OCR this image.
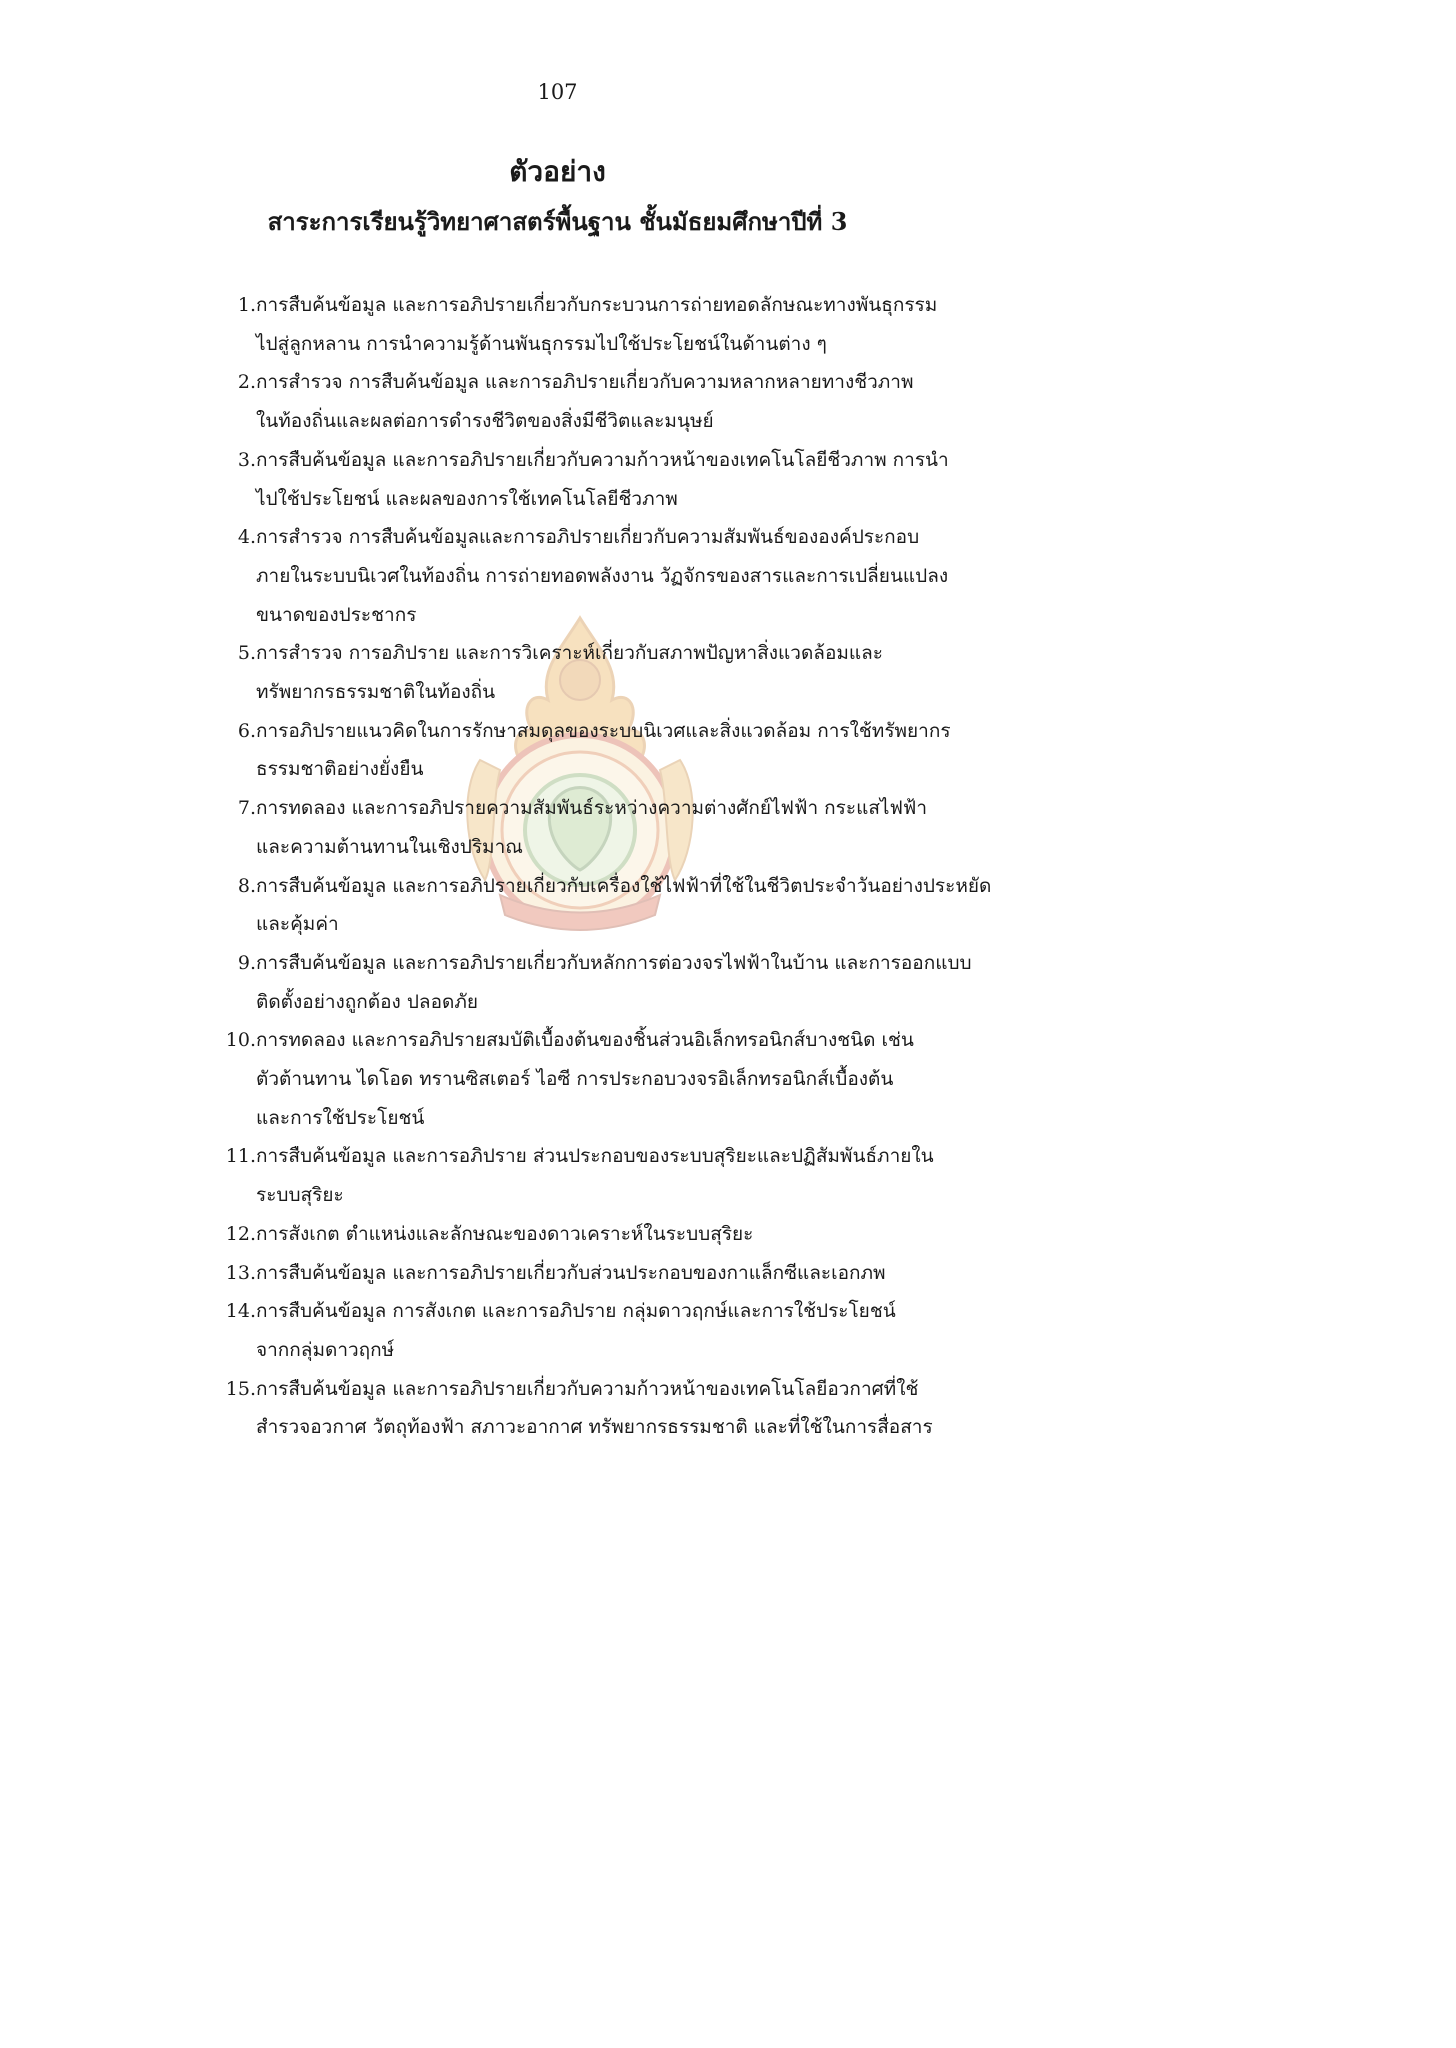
107
ตัวอย่าง
สาระการเรียนรู้วิทยาศาสตร์พื้นฐาน ชั้นมัธยมศึกษาปีที่ 3
1. การสืบค้นข้อมูล และการอภิปรายเกี่ยวกับกระบวนการถ่ายทอดลักษณะทางพันธุกรรม
ไปสู่ลูกหลาน การนำความรู้ด้านพันธุกรรมไปใช้ประโยชน์ในด้านต่าง ๆ
2. การสำรวจ การสืบค้นข้อมูล และการอภิปรายเกี่ยวกับความหลากหลายทางชีวภาพ
ในท้องถิ่นและผลต่อการดำรงชีวิตของสิ่งมีชีวิตและมนุษย์
3. การสืบค้นข้อมูล และการอภิปรายเกี่ยวกับความก้าวหน้าของเทคโนโลยีชีวภาพ การนำ
ไปใช้ประโยชน์ และผลของการใช้เทคโนโลยีชีวภาพ
4. การสำรวจ การสืบค้นข้อมูลและการอภิปรายเกี่ยวกับความสัมพันธ์ขององค์ประกอบ
ภายในระบบนิเวศในท้องถิ่น การถ่ายทอดพลังงาน วัฏจักรของสารและการเปลี่ยนแปลง
ขนาดของประชากร
5. การสำรวจ การอภิปราย และการวิเคราะห์เกี่ยวกับสภาพปัญหาสิ่งแวดล้อมและ
ทรัพยากรธรรมชาติในท้องถิ่น
6. การอภิปรายแนวคิดในการรักษาสมดุลของระบบนิเวศและสิ่งแวดล้อม การใช้ทรัพยากร
ธรรมชาติอย่างยั่งยืน
7. การทดลอง และการอภิปรายความสัมพันธ์ระหว่างความต่างศักย์ไฟฟ้า กระแสไฟฟ้า
และความต้านทานในเชิงปริมาณ
8. การสืบค้นข้อมูล และการอภิปรายเกี่ยวกับเครื่องใช้ไฟฟ้าที่ใช้ในชีวิตประจำวันอย่างประหยัด
และคุ้มค่า
9. การสืบค้นข้อมูล และการอภิปรายเกี่ยวกับหลักการต่อวงจรไฟฟ้าในบ้าน และการออกแบบ
ติดตั้งอย่างถูกต้อง ปลอดภัย
10. การทดลอง และการอภิปรายสมบัติเบื้องต้นของชิ้นส่วนอิเล็กทรอนิกส์บางชนิด เช่น
ตัวต้านทาน ไดโอด ทรานซิสเตอร์ ไอซี การประกอบวงจรอิเล็กทรอนิกส์เบื้องต้น
และการใช้ประโยชน์
11. การสืบค้นข้อมูล และการอภิปราย ส่วนประกอบของระบบสุริยะและปฏิสัมพันธ์ภายใน
ระบบสุริยะ
12. การสังเกต ตำแหน่งและลักษณะของดาวเคราะห์ในระบบสุริยะ
13. การสืบค้นข้อมูล และการอภิปรายเกี่ยวกับส่วนประกอบของกาแล็กซีและเอกภพ
14. การสืบค้นข้อมูล การสังเกต และการอภิปราย กลุ่มดาวฤกษ์และการใช้ประโยชน์
จากกลุ่มดาวฤกษ์
15. การสืบค้นข้อมูล และการอภิปรายเกี่ยวกับความก้าวหน้าของเทคโนโลยีอวกาศที่ใช้
สำรวจอวกาศ วัตถุท้องฟ้า สภาวะอากาศ ทรัพยากรธรรมชาติ และที่ใช้ในการสื่อสาร
